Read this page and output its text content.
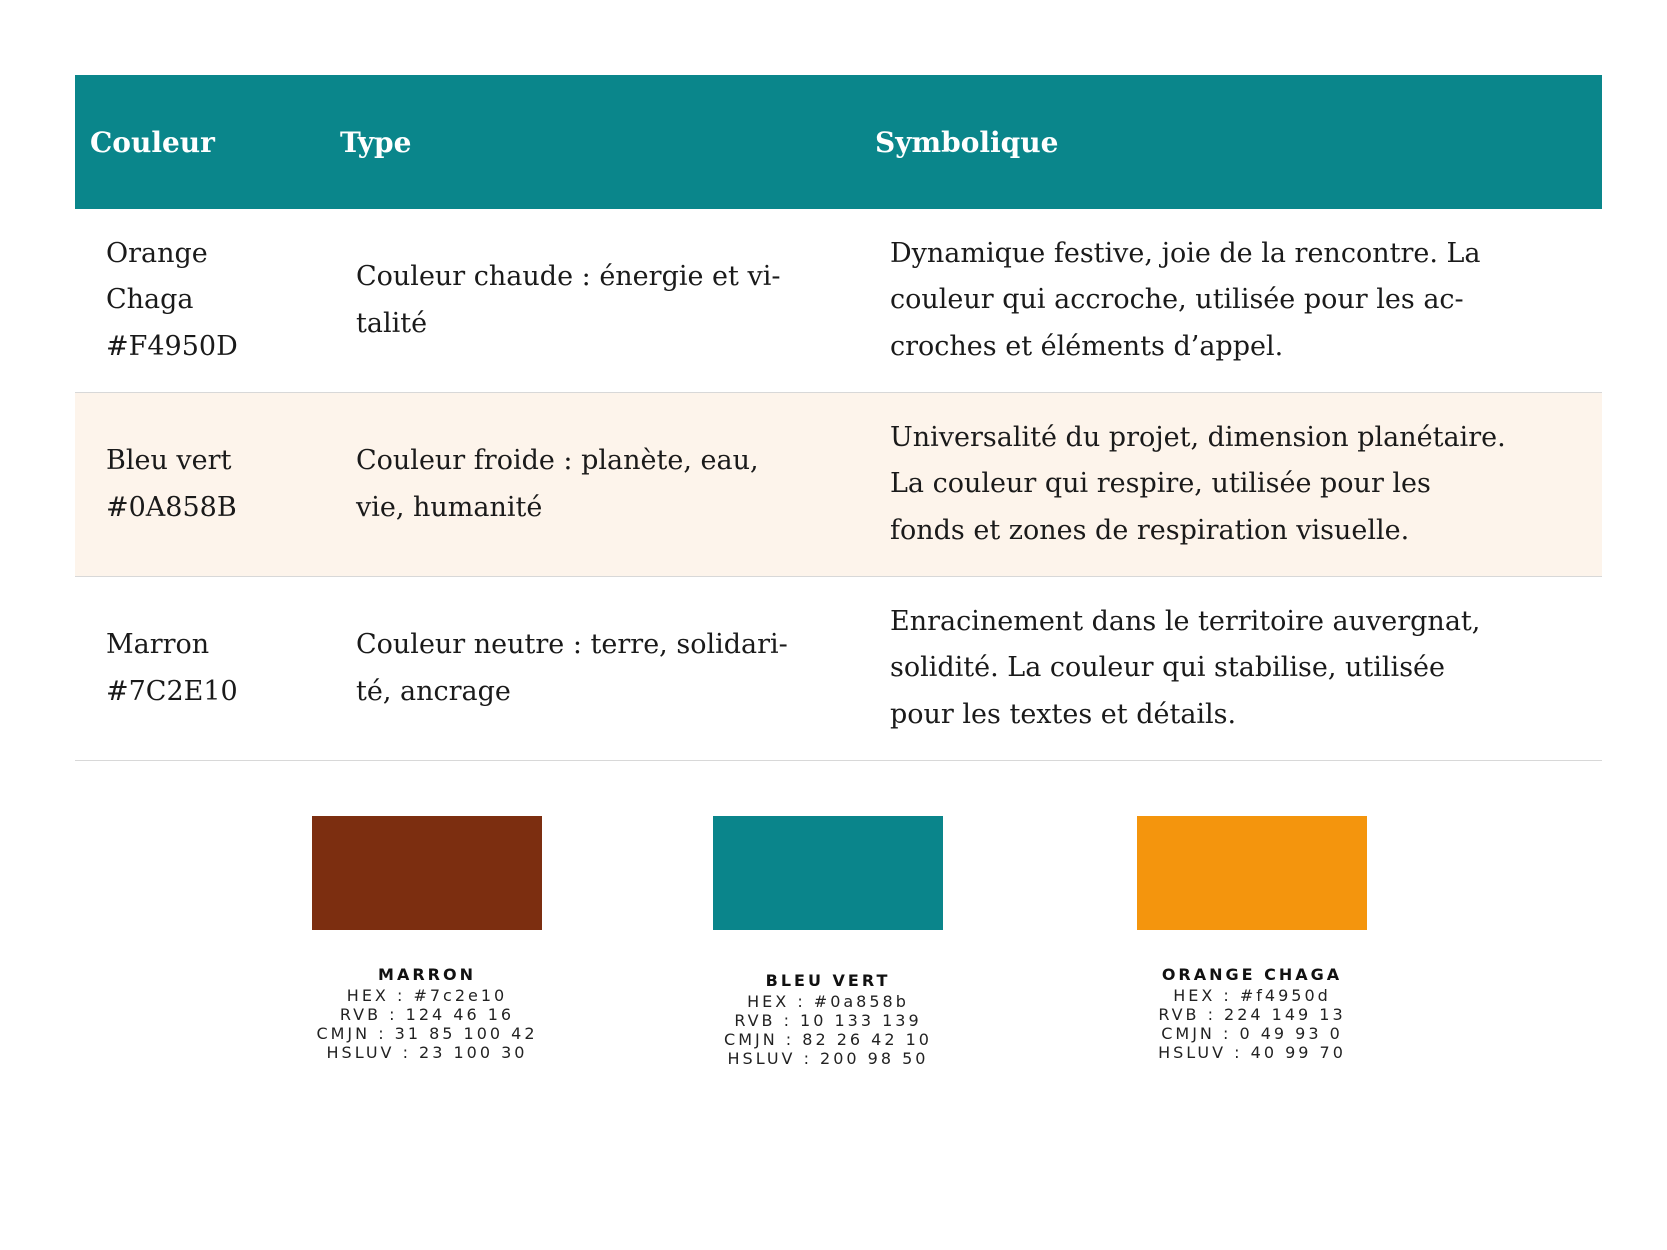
Couleur	Type	Symbolique
Orange
Chaga
#F4950D
Couleur chaude : énergie et vi-
talité
Dynamique festive, joie de la rencontre. La
couleur qui accroche, utilisée pour les ac-
croches et éléments d’appel.
Bleu vert
#0A858B
Couleur froide : planète, eau,
vie, humanité
Universalité du projet, dimension planétaire.
La couleur qui respire, utilisée pour les
fonds et zones de respiration visuelle.
Marron
#7C2E10
Couleur neutre : terre, solidari-
té, ancrage
Enracinement dans le territoire auvergnat,
solidité. La couleur qui stabilise, utilisée
pour les textes et détails.
MARRON
HEX : #7c2e10
RVB : 124 46 16
CMJN : 31 85 100 42
HSLUV : 23 100 30
BLEU VERT
HEX : #0a858b
RVB : 10 133 139
CMJN : 82 26 42 10
HSLUV : 200 98 50
ORANGE CHAGA
HEX : #f4950d
RVB : 224 149 13
CMJN : 0 49 93 0
HSLUV : 40 99 70
